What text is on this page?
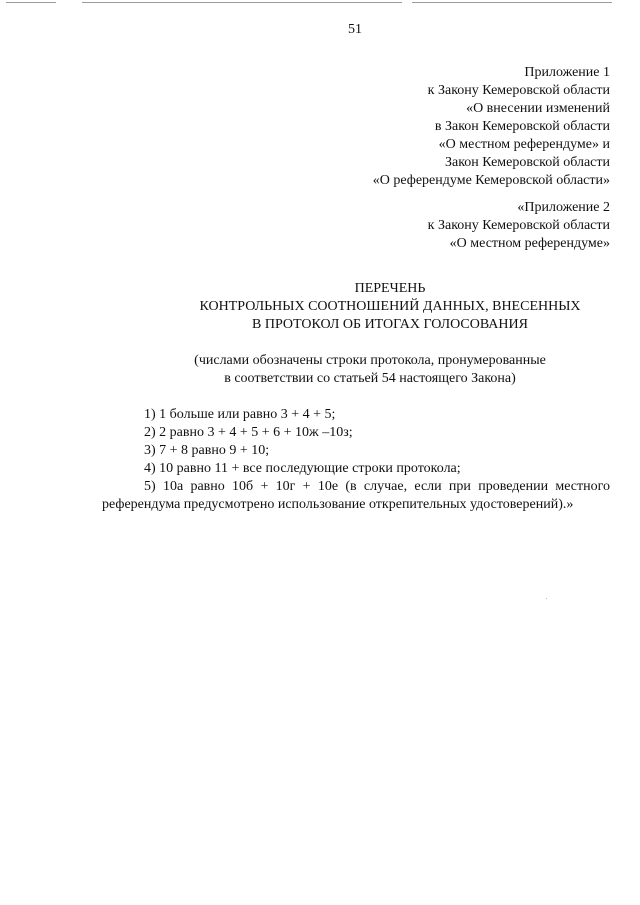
51
Приложение 1
к Закону Кемеровской области
«О внесении изменений
в Закон Кемеровской области
«О местном референдуме» и
Закон Кемеровской области
«О референдуме Кемеровской области»
«Приложение 2
к Закону Кемеровской области
«О местном референдуме»
ПЕРЕЧЕНЬ
КОНТРОЛЬНЫХ СООТНОШЕНИЙ ДАННЫХ, ВНЕСЕННЫХ
В ПРОТОКОЛ ОБ ИТОГАХ ГОЛОСОВАНИЯ
(числами обозначены строки протокола, пронумерованные
в соответствии со статьей 54 настоящего Закона)

1) 1 больше или равно 3 + 4 + 5;

2) 2 равно 3 + 4 + 5 + 6 + 10ж –10з;

3) 7 + 8 равно 9 + 10;

4) 10 равно 11 + все последующие строки протокола;

5) 10а равно 10б + 10г + 10е (в случае, если при проведении местного референдума предусмотрено использование открепительных удостоверений).»
